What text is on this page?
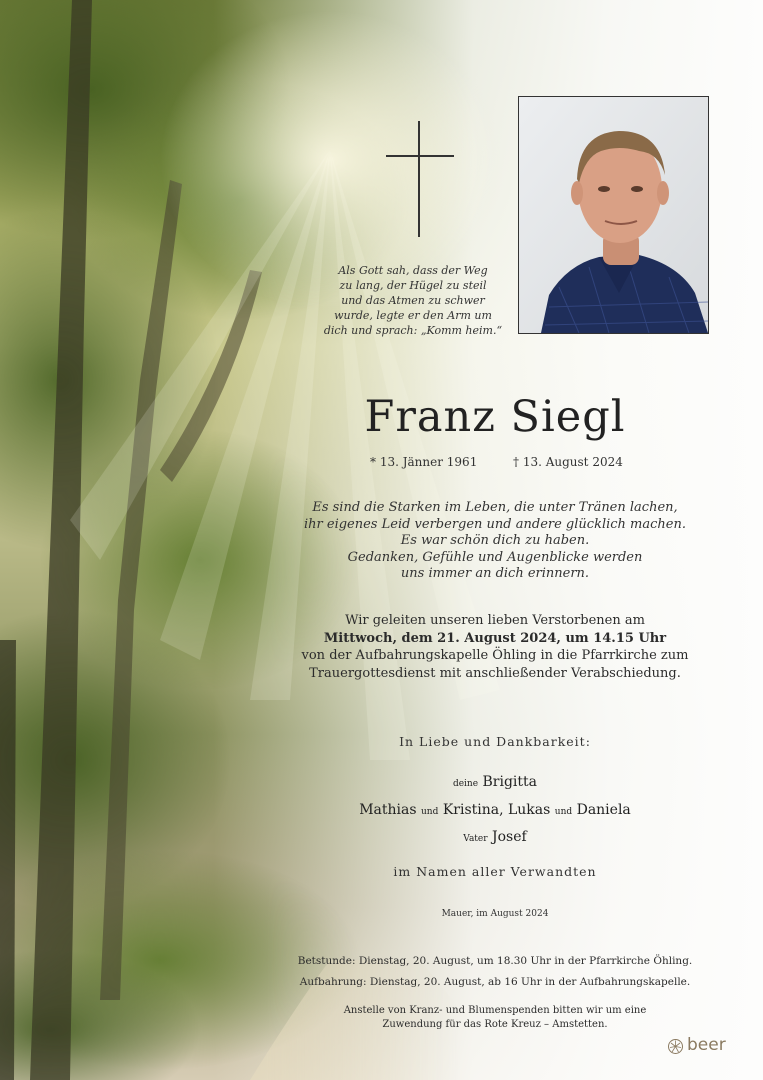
Als Gott sah, dass der Weg
zu lang, der Hügel zu steil
und das Atmen zu schwer
wurde, legte er den Arm um
dich und sprach: „Komm heim.“
Franz Siegl
* 13. Jänner 1961	† 13. August 2024
Es sind die Starken im Leben, die unter Tränen lachen,
ihr eigenes Leid verbergen und andere glücklich machen.
Es war schön dich zu haben.
Gedanken, Gefühle und Augenblicke werden
uns immer an dich erinnern.
Wir geleiten unseren lieben Verstorbenen am
Mittwoch, dem 21. August 2024, um 14.15 Uhr
von der Aufbahrungskapelle Öhling in die Pfarrkirche zum
Trauergottesdienst mit anschließender Verabschiedung.
In Liebe und Dankbarkeit:
deine Brigitta
Mathias und Kristina, Lukas und Daniela
Vater Josef
im Namen aller Verwandten
Mauer, im August 2024
Betstunde: Dienstag, 20. August, um 18.30 Uhr in der Pfarrkirche Öhling.
Aufbahrung: Dienstag, 20. August, ab 16 Uhr in der Aufbahrungskapelle.
Anstelle von Kranz- und Blumenspenden bitten wir um eine
Zuwendung für das Rote Kreuz – Amstetten.
beer
